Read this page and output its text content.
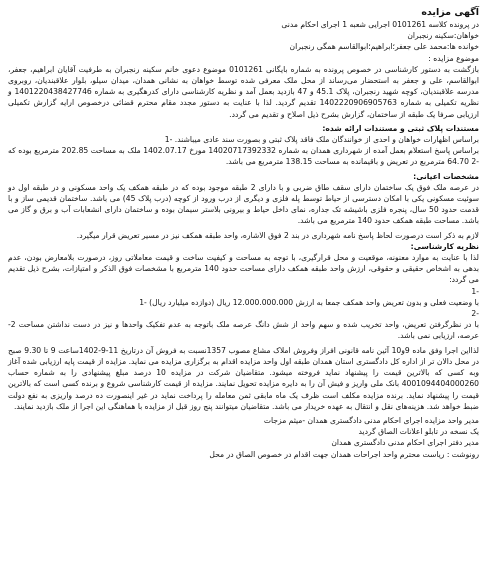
آگهی مزایده
در پرونده کلاسه 0101261 اجرایی شعبه 1 اجرای احکام مدنی
خواهان:سکینه رنجبران
خوانده ها:محمد علی جعفر؛ابراهیم؛ابوالقاسم همگی رنجبران
موضوع مزایده :
بازگشت به دستور کارشناسی در خصوص پرونده به شماره بایگانی 0101261 موضوع دعوی خانم سکینه رنجبران به طرفیت آقایان ابراهیم، جعفر، ابوالقاسم، علی و جعفر به استحضار می‌رساند از محل ملک معرفی شده توسط خواهان به نشانی همدان، میدان سیلو، بلوار علاقبندیان، روبروی مدرسه علاقبندیان، کوچه شهید رنجبران، پلاک 45.1 و 47 بازدید بعمل آمد و نظریه کارشناسی دارای کدرهگیری به شماره 1401220438427746 و نظریه تکمیلی به شماره 1402220906905763 تقدیم گردید. لذا با عنایت به دستور مجدد مقام محترم قضائی درخصوص ارایه گزارش تکمیلی ارزیابی صرفا یک طبقه از ساختمان، گزارش بشرح ذیل اصلاح و تقدیم می گردد.
مستندات پلاک ثبتی و مستندات ارائه شده:
براساس اظهارات خواهان و احدی از خوانندگان ملک فاقد پلاک ثبتی و بصورت سند عادی میباشند. -1
براساس پاسخ استعلام بعمل آمده از شهرداری همدان به شماره 14020717392332 مورخ 1402.07.17 ملک به مساحت 202.85 مترمربع بوده که -2 64.70 مترمربع در تعریض و باقیمانده به مساحت 138.15 مترمربع می باشد.
مشخصات اعیانی:
در عرصه ملک فوق یک ساختمان دارای سقف طاق ضربی و با دارای 2 طبقه موجود بوده که در طبقه همکف یک واحد مسکونی و در طبقه اول دو سوئیت مسکونی یکی با امکان دسترسی از حیاط توسط پله فلزی و دیگری از درب ورود از کوچه (درب پلاک 45) می باشد. ساختمان قدیمی ساز و با قدمت حدود 50 سال، پنجره فلزی باشیشه تک جداره، نمای داخل حیاط و بیرونی بلاستر سیمان بوده و ساختمان دارای انشعابات آب و برق و گاز می باشد. مساحت طبقه همکف حدود 140 مترمربع می باشد.
لازم به ذکر است درصورت لحاظ پاسخ نامه شهرداری در بند 2 فوق الاشاره، واحد طبقه همکف نیز در مسیر تعریض قرار میگیرد.
نظریه کارشناسی:
لذا با عنایت به موارد معنونه، موقعیت و محل قرارگیری، با توجه به مساحت و کیفیت ساخت و قیمت معاملاتی روز، درصورت بلامعارض بودن، عدم بدهی به اشخاص حقیقی و حقوقی، ارزش واحد طبقه همکف دارای مساحت حدود 140 مترمربع با مشخصات فوق الذکر و امتیازات، بشرح ذیل تقدیم می گردد:
-1
با وضعیت فعلی و بدون تعریض واحد همکف جمعا به ارزش 12.000.000.000 ریال (دوازده میلیارد ریال) -1
-2
با در نظرگرفتن تعریض، واحد تخریب شده و سهم واحد از شش دانگ عرصه ملک باتوجه به عدم تفکیک واحدها و نیز در دست نداشتن مساحت 2- عرصه، ارزیابی نمی باشد.
لذااین اجرا وفق ماده 9و10 آئین نامه قانونی افراز وفروش املاک مشاع مصوب 1357نسبت به فروش آن درتاریخ 11-9-1402ساعت 9 تا 9.30 صبح در محل دالان تر از اداره کل دادگستری استان همدان طبقه اول واحد مزایده اقدام به برگزاری مزایده می نماید. مزایده از قیمت پایه ارزیابی شده آغاز وبه کسی که بالاترین قیمت را پیشنهاد نماید فروخته میشود. متقاضیان شرکت در مزایده 10 درصد مبلغ پیشنهادی را به شماره حساب 4001094404000260 بانک ملی واریز و فیش آن را به دایره مزایده تحویل نمایند. مزایده از قیمت کارشناسی شروع و برنده کسی است که بالاترین قیمت را پیشنهاد نماید. برنده مزایده مکلف است ظرف یک ماه مابقی ثمن معامله را پرداخت نماید در غیر اینصورت ده درصد واریزی به نفع دولت ضبط خواهد شد. هزینه‌های نقل و انتقال به عهده خریدار می باشد. متقاضیان میتوانند پنج روز قبل از مزایده با هماهنگی این اجرا از ملک بازدید نمایند.
مدیر واحد مزایده اجرای احکام مدنی دادگستری همدان -میثم مزجات
یک نسخه در تابلو اعلانات الصاق گردید
مدیر دفتر اجرای احکام مدنی دادگستری همدان
رونوشت : ریاست محترم واحد اجراحات همدان جهت اقدام در خصوص الصاق در محل
